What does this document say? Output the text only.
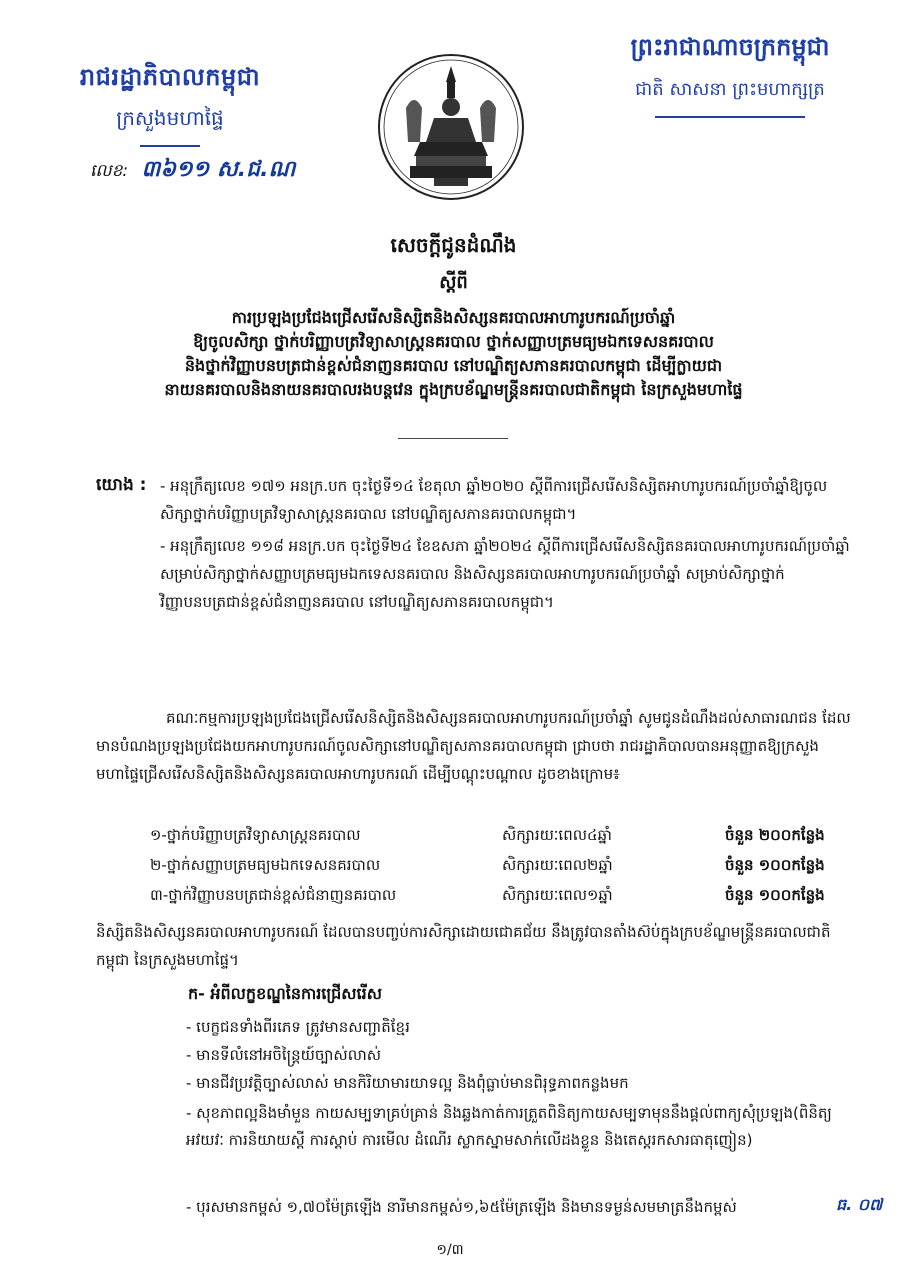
រាជរដ្ឋាភិបាលកម្ពុជា
ក្រសួងមហាផ្ទៃ
លេខ: ៣៦១១ ស.ជ.ណ
ព្រះរាជាណាចក្រកម្ពុជា
ជាតិ សាសនា ព្រះមហាក្សត្រ
សេចក្តីជូនដំណឹង
ស្តីពី
ការប្រឡងប្រជែងជ្រើសរើសនិស្សិតនិងសិស្សនគរបាលអាហារូបករណ៍ប្រចាំឆ្នាំ
ឱ្យចូលសិក្សា ថ្នាក់បរិញ្ញាបត្រវិទ្យាសាស្ត្រនគរបាល ថ្នាក់សញ្ញាបត្រមធ្យមឯកទេសនគរបាល
និងថ្នាក់វិញ្ញាបនបត្រជាន់ខ្ពស់ជំនាញនគរបាល នៅបណ្ឌិត្យសភានគរបាលកម្ពុជា ដើម្បីក្លាយជា
នាយនគរបាលនិងនាយនគរបាលរងបន្តវេន ក្នុងក្របខ័ណ្ឌមន្ត្រីនគរបាលជាតិកម្ពុជា នៃក្រសួងមហាផ្ទៃ
យោង : - អនុក្រឹត្យលេខ ១៧១ អនក្រ.បក ចុះថ្ងៃទី១៤ ខែតុលា ឆ្នាំ២០២០ ស្តីពីការជ្រើសរើសនិស្សិតអាហារូបករណ៍ប្រចាំឆ្នាំឱ្យចូលសិក្សាថ្នាក់បរិញ្ញាបត្រវិទ្យាសាស្ត្រនគរបាល នៅបណ្ឌិត្យសភានគរបាលកម្ពុជា។
- អនុក្រឹត្យលេខ ១១៨ អនក្រ.បក ចុះថ្ងៃទី២៤ ខែឧសភា ឆ្នាំ២០២៤ ស្តីពីការជ្រើសរើសនិស្សិតនគរបាលអាហារូបករណ៍ប្រចាំឆ្នាំ សម្រាប់សិក្សាថ្នាក់សញ្ញាបត្រមធ្យមឯកទេសនគរបាល និងសិស្សនគរបាលអាហារូបករណ៍ប្រចាំឆ្នាំ សម្រាប់សិក្សាថ្នាក់វិញ្ញាបនបត្រជាន់ខ្ពស់ជំនាញនគរបាល នៅបណ្ឌិត្យសភានគរបាលកម្ពុជា។
គណៈកម្មការប្រឡងប្រជែងជ្រើសរើសនិស្សិតនិងសិស្សនគរបាលអាហារូបករណ៍ប្រចាំឆ្នាំ សូមជូនដំណឹងដល់សាធារណជន ដែលមានបំណងប្រឡងប្រជែងយកអាហារូបករណ៍ចូលសិក្សានៅបណ្ឌិត្យសភានគរបាលកម្ពុជា ជ្រាបថា រាជរដ្ឋាភិបាលបានអនុញ្ញាតឱ្យក្រសួងមហាផ្ទៃជ្រើសរើសនិស្សិតនិងសិស្សនគរបាលអាហារូបករណ៍ ដើម្បីបណ្តុះបណ្តាល ដូចខាងក្រោម៖
១-ថ្នាក់បរិញ្ញាបត្រវិទ្យាសាស្ត្រនគរបាល	សិក្សារយៈពេល៤ឆ្នាំ	ចំនួន ២០០កន្លែង
២-ថ្នាក់សញ្ញាបត្រមធ្យមឯកទេសនគរបាល	សិក្សារយៈពេល២ឆ្នាំ	ចំនួន ១០០កន្លែង
៣-ថ្នាក់វិញ្ញាបនបត្រជាន់ខ្ពស់ជំនាញនគរបាល	សិក្សារយៈពេល១ឆ្នាំ	ចំនួន ១០០កន្លែង
និស្សិតនិងសិស្សនគរបាលអាហារូបករណ៍ ដែលបានបញ្ចប់ការសិក្សាដោយជោគជ័យ នឹងត្រូវបានតាំងស៊ប់ក្នុងក្របខ័ណ្ឌមន្ត្រីនគរបាលជាតិកម្ពុជា នៃក្រសួងមហាផ្ទៃ។
ក- អំពីលក្ខខណ្ឌនៃការជ្រើសរើស
- បេក្ខជនទាំងពីរភេទ ត្រូវមានសញ្ជាតិខ្មែរ
- មានទីលំនៅអចិន្ត្រៃយ៍ច្បាស់លាស់
- មានជីវប្រវត្តិច្បាស់លាស់ មានកិរិយាមារយាទល្អ និងពុំធ្លាប់មានពិរុទ្ធភាពកន្លងមក
- សុខភាពល្អនិងមាំមួន កាយសម្បទាគ្រប់គ្រាន់ និងឆ្លងកាត់ការត្រួតពិនិត្យកាយសម្បទាមុននឹងផ្តល់ពាក្យសុំប្រឡង(ពិនិត្យអវយវៈ ការនិយាយស្តី ការស្តាប់ ការមើល ដំណើរ ស្លាកស្នាមសាក់លើដងខ្លួន និងតេស្តរកសារធាតុញៀន)
- បុរសមានកម្ពស់ ១,៧០ម៉ែត្រឡើង នារីមានកម្ពស់១,៦៥ម៉ែត្រឡើង និងមានទម្ងន់សមមាត្រនឹងកម្ពស់	ធ. ០៧
១/៣
